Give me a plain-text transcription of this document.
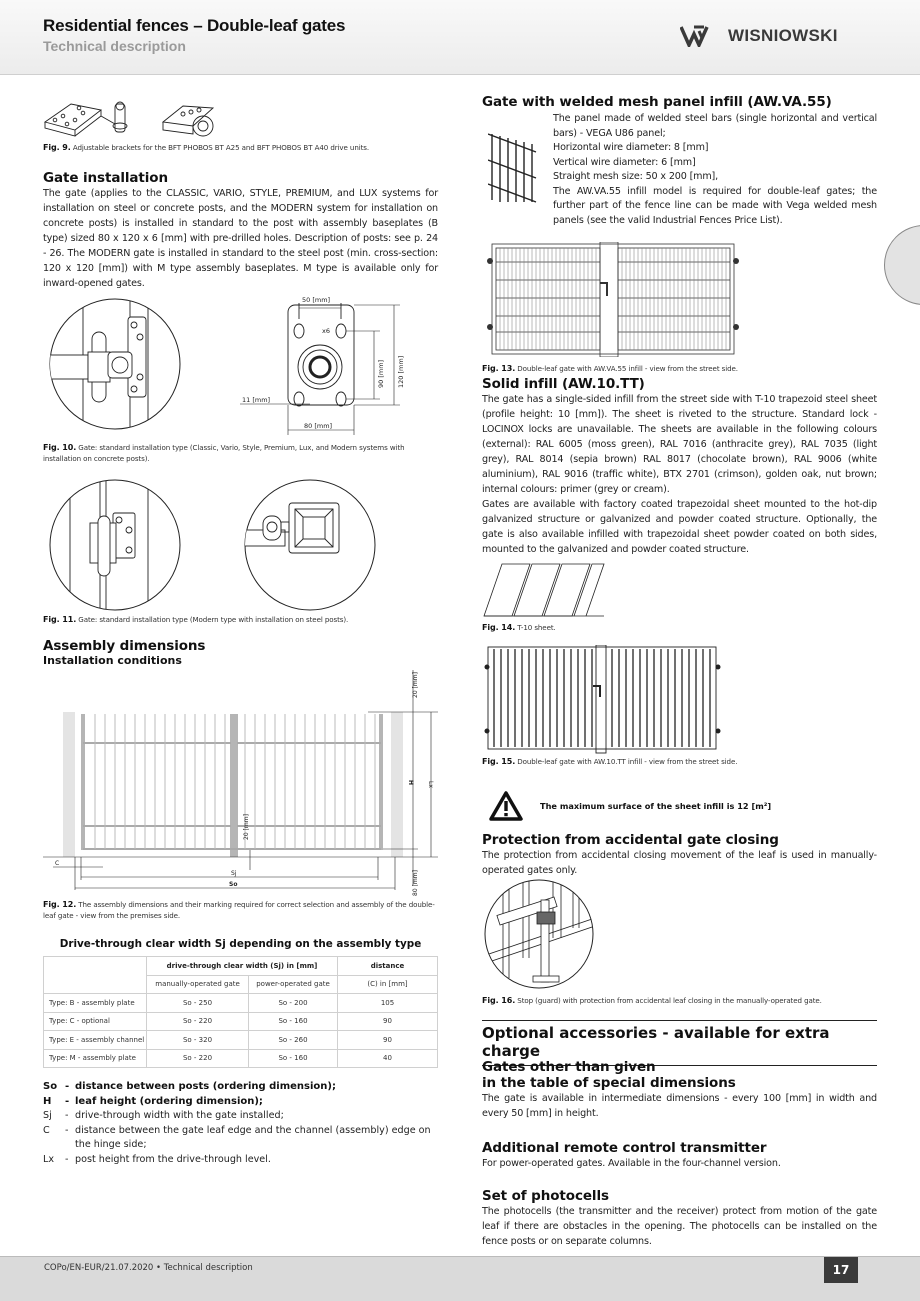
Residential fences – Double-leaf gates
Technical description
WISNIOWSKI
Fig. 9. Adjustable brackets for the BFT PHOBOS BT A25 and BFT PHOBOS BT A40 drive units.
Gate installation

The gate (applies to the CLASSIC, VARIO, STYLE, PREMIUM, and LUX systems for installation on steel or concrete posts, and the MODERN system for installation on concrete posts) is installed in standard to the post with assembly baseplates (B type) sized 80 x 120 x 6 [mm] with pre-drilled holes. Description of posts: see p. 24 - 26. The MODERN gate is installed in standard to the steel post (min. cross-section: 120 x 120 [mm]) with M type assembly baseplates. M type is available only for inward-opened gates.

50 [mm]
x6
90 [mm] 120 [mm]
11 [mm]
80 [mm]
Fig. 10. Gate: standard installation type (Classic, Vario, Style, Premium, Lux, and Modern systems with installation on concrete posts).
Fig. 11. Gate: standard installation type (Modern type with installation on steel posts).
Assembly dimensions
Installation conditions
20 [mm]
H Lx
20 [mm]
80 [mm]
C
Sj
So
Fig. 12. The assembly dimensions and their marking required for correct selection and assembly of the double-leaf gate - view from the premises side.
Drive-through clear width Sj depending on the assembly type
	drive-through clear width (Sj) in [mm]		distance
	manually-operated gate	power-operated gate	(C) in [mm]
Type: B - assembly plate	So - 250	So - 200	105
Type: C - optional	So - 220	So - 160	90
Type: E - assembly channel	So - 320	So - 260	90
Type: M - assembly plate	So - 220	So - 160	40
So - distance between posts (ordering dimension);
H	- leaf height (ordering dimension);
Sj	- drive-through width with the gate installed;
C	- distance between the gate leaf edge and the channel (assembly) edge on the hinge side;
Lx	- post height from the drive-through level.
Gate with welded mesh panel infill (AW.VA.55)

The panel made of welded steel bars (single horizontal and vertical bars) - VEGA U86 panel;

Horizontal wire diameter: 8 [mm]

Vertical wire diameter: 6 [mm]

Straight mesh size: 50 x 200 [mm],

The AW.VA.55 infill model is required for double-leaf gates; the further part of the fence line can be made with Vega welded mesh panels (see the valid Industrial Fences Price List).

Fig. 13. Double-leaf gate with AW.VA.55 infill - view from the street side.
Solid infill (AW.10.TT)

The gate has a single-sided infill from the street side with T-10 trapezoid steel sheet (profile height: 10 [mm]). The sheet is riveted to the structure. Standard lock - LOCINOX locks are unavailable. The sheets are available in the following colours (external): RAL 6005 (moss green), RAL 7016 (anthracite grey), RAL 7035 (light grey), RAL 8014 (sepia brown) RAL 8017 (chocolate brown), RAL 9006 (white aluminium), RAL 9016 (traffic white), BTX 2701 (crimson), golden oak, nut brown; internal colours: primer (grey or cream).

Gates are available with factory coated trapezoidal sheet mounted to the hot-dip galvanized structure or galvanized and powder coated structure. Optionally, the gate is also available infilled with trapezoidal sheet powder coated on both sides, mounted to the galvanized and powder coated structure.

Fig. 14. T-10 sheet.
Fig. 15. Double-leaf gate with AW.10.TT infill - view from the street side.
The maximum surface of the sheet infill is 12 [m²]
Protection from accidental gate closing

The protection from accidental closing movement of the leaf is used in manually-operated gates only.

Fig. 16. Stop (guard) with protection from accidental leaf closing in the manually-operated gate.
Optional accessories - available for extra charge
Gates other than given
in the table of special dimensions

The gate is available in intermediate dimensions - every 100 [mm] in width and every 50 [mm] in height.

Additional remote control transmitter

For power-operated gates. Available in the four-channel version.

Set of photocells

The photocells (the transmitter and the receiver) protect from motion of the gate leaf if there are obstacles in the opening. The photocells can be installed on the fence posts or on separate columns.

COPo/EN-EUR/21.07.2020 • Technical description	17
